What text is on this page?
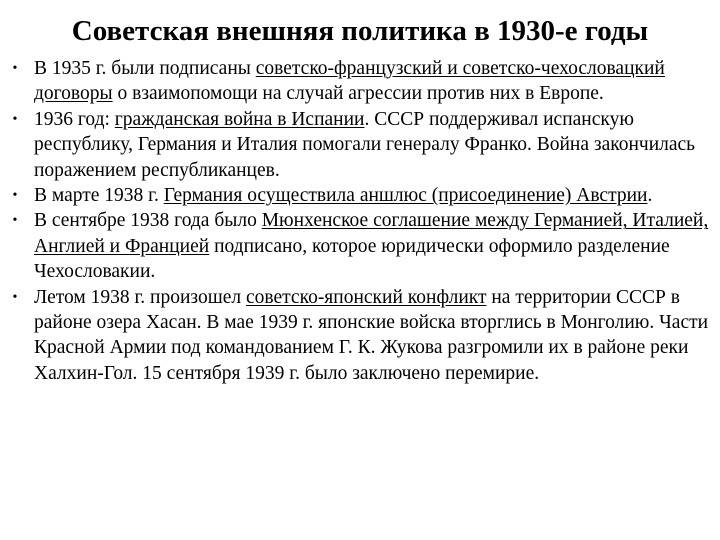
Советская внешняя политика в 1930-е годы
• В 1935 г. были подписаны советско-французский и советско-чехословацкий договоры о взаимопомощи на случай агрессии против них в Европе.
• 1936 год: гражданская война в Испании. СССР поддерживал испанскую республику, Германия и Италия помогали генералу Франко. Война закончилась поражением республиканцев.
• В марте 1938 г. Германия осуществила аншлюс (присоединение) Австрии.
• В сентябре 1938 года было Мюнхенское соглашение между Германией, Италией, Англией и Францией подписано, которое юридически оформило разделение Чехословакии.
• Летом 1938 г. произошел советско-японский конфликт на территории СССР в районе озера Хасан. В мае 1939 г. японские войска вторглись в Монголию. Части Красной Армии под командованием Г. К. Жукова разгромили их в районе реки Халхин-Гол. 15 сентября 1939 г. было заключено перемирие.
